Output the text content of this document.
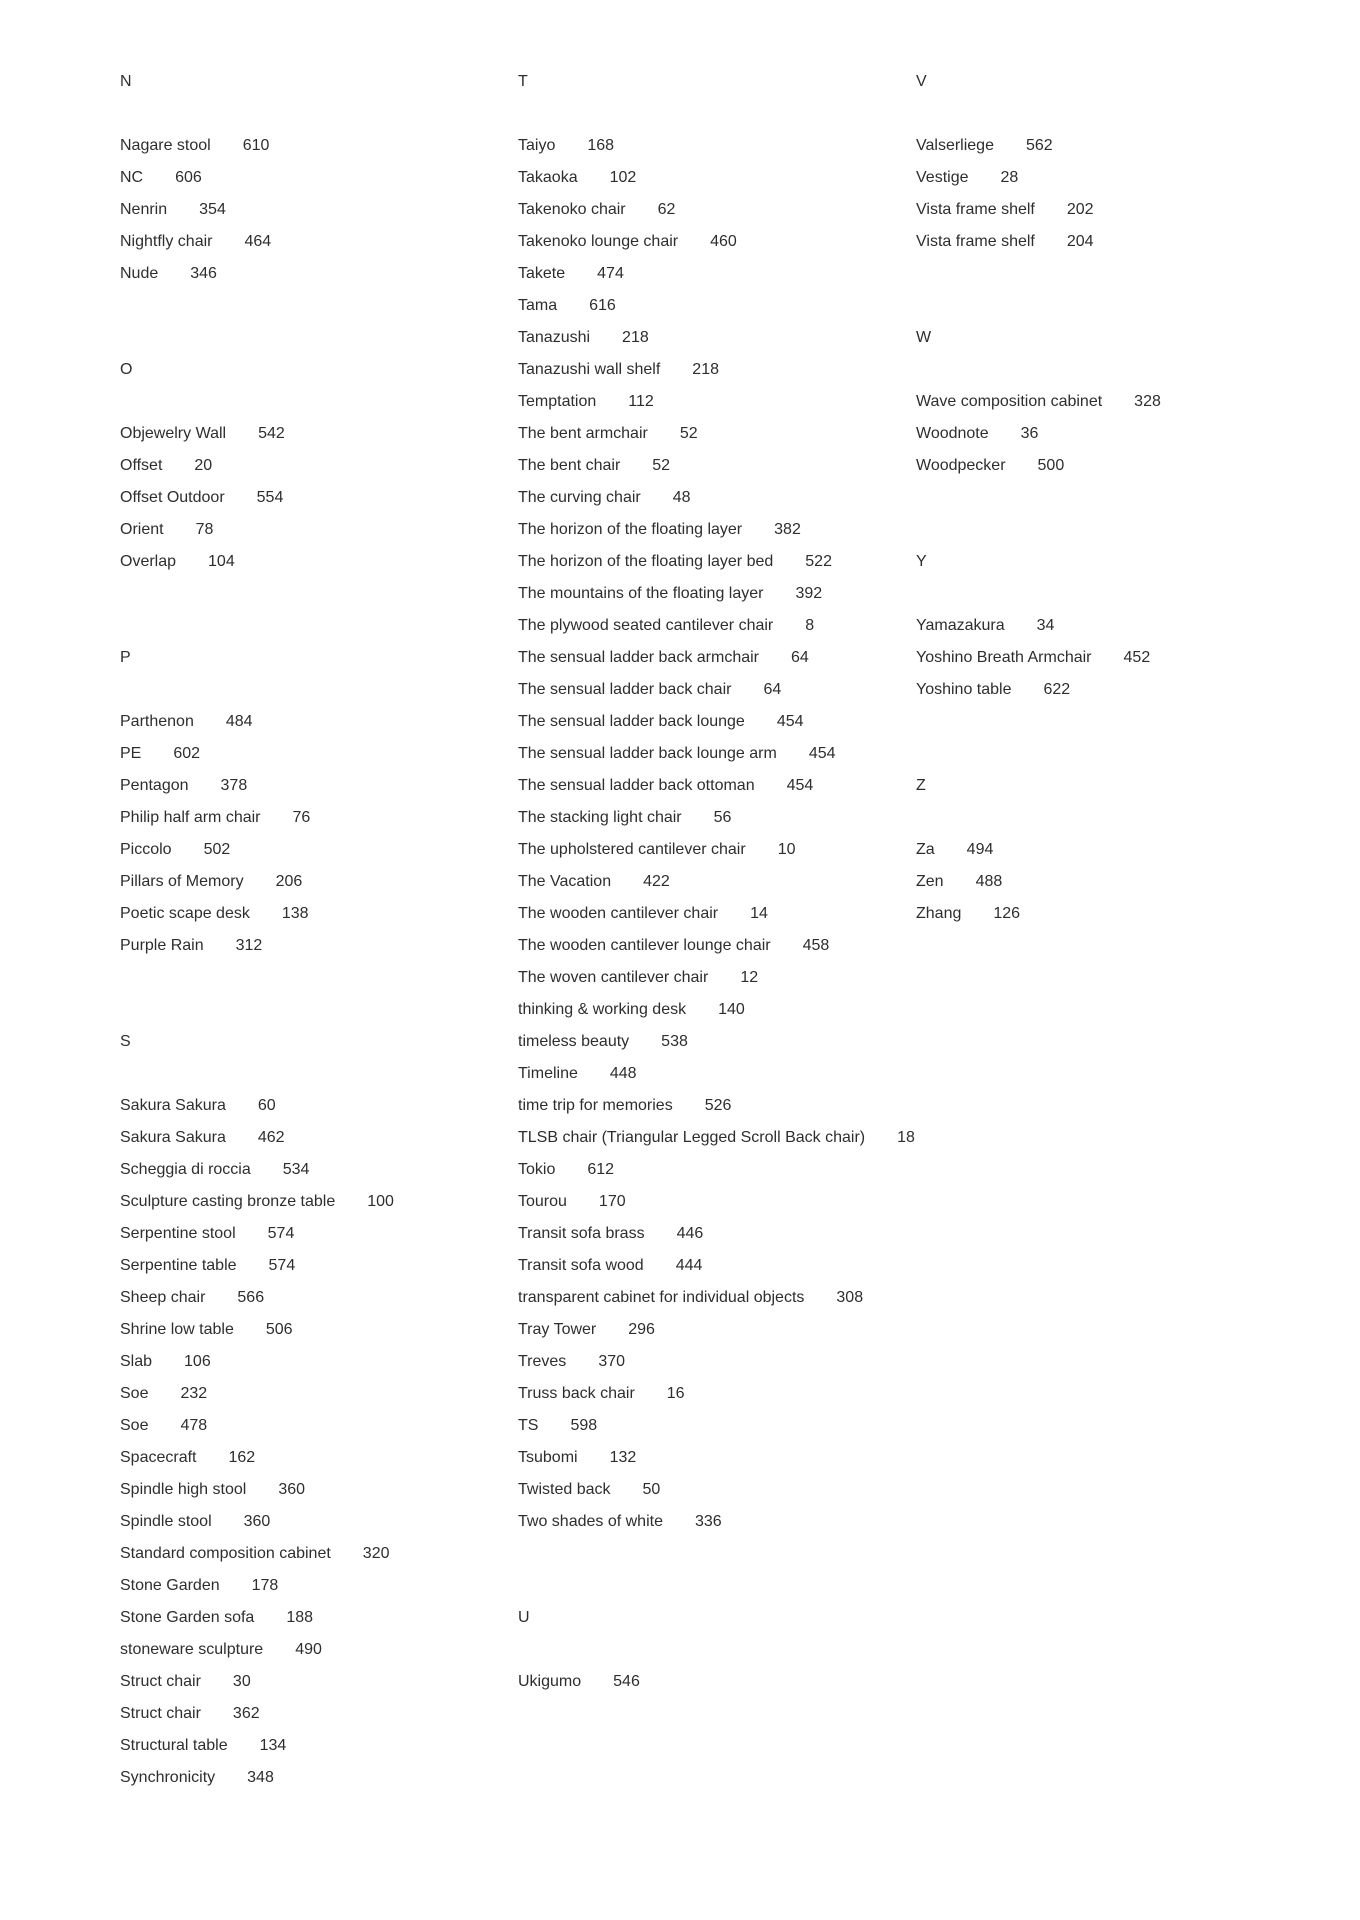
N
Nagare stool 610
NC 606
Nenrin 354
Nightfly chair 464
Nude 346
O
Objewelry Wall 542
Offset 20
Offset Outdoor 554
Orient 78
Overlap 104
P
Parthenon 484
PE 602
Pentagon 378
Philip half arm chair 76
Piccolo 502
Pillars of Memory 206
Poetic scape desk 138
Purple Rain 312
S
Sakura Sakura 60
Sakura Sakura 462
Scheggia di roccia 534
Sculpture casting bronze table 100
Serpentine stool 574
Serpentine table 574
Sheep chair 566
Shrine low table 506
Slab 106
Soe 232
Soe 478
Spacecraft 162
Spindle high stool 360
Spindle stool 360
Standard composition cabinet 320
Stone Garden 178
Stone Garden sofa 188
stoneware sculpture 490
Struct chair 30
Struct chair 362
Structural table 134
Synchronicity 348
T
Taiyo 168
Takaoka 102
Takenoko chair 62
Takenoko lounge chair 460
Takete 474
Tama 616
Tanazushi 218
Tanazushi wall shelf 218
Temptation 112
The bent armchair 52
The bent chair 52
The curving chair 48
The horizon of the floating layer 382
The horizon of the floating layer bed 522
The mountains of the floating layer 392
The plywood seated cantilever chair 8
The sensual ladder back armchair 64
The sensual ladder back chair 64
The sensual ladder back lounge 454
The sensual ladder back lounge arm 454
The sensual ladder back ottoman 454
The stacking light chair 56
The upholstered cantilever chair 10
The Vacation 422
The wooden cantilever chair 14
The wooden cantilever lounge chair 458
The woven cantilever chair 12
thinking & working desk 140
timeless beauty 538
Timeline 448
time trip for memories 526
TLSB chair (Triangular Legged Scroll Back chair) 18
Tokio 612
Tourou 170
Transit sofa brass 446
Transit sofa wood 444
transparent cabinet for individual objects 308
Tray Tower 296
Treves 370
Truss back chair 16
TS 598
Tsubomi 132
Twisted back 50
Two shades of white 336
U
Ukigumo 546
V
Valserliege 562
Vestige 28
Vista frame shelf 202
Vista frame shelf 204
W
Wave composition cabinet 328
Woodnote 36
Woodpecker 500
Y
Yamazakura 34
Yoshino Breath Armchair 452
Yoshino table 622
Z
Za 494
Zen 488
Zhang 126
